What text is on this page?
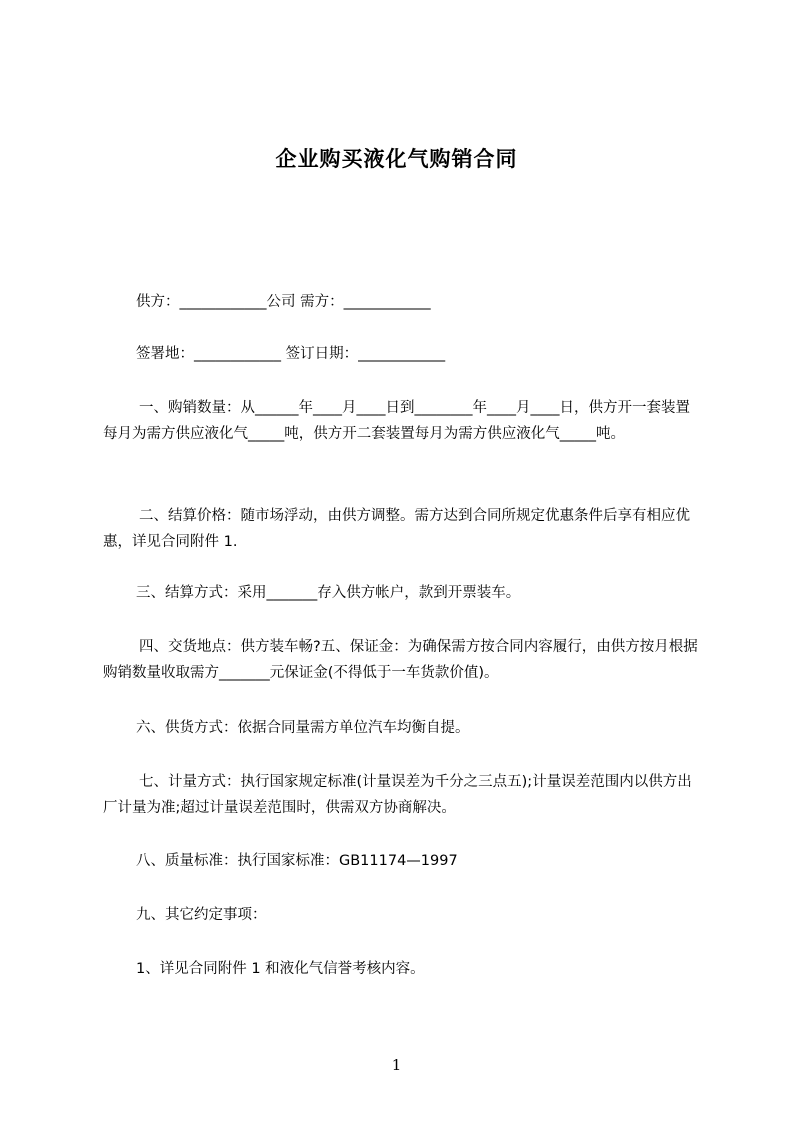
企业购买液化气购销合同

供方：____________公司 需方：____________

签署地：____________ 签订日期：____________

一、购销数量：从______年____月____日到________年____月____日，供方开一套装置每月为需方供应液化气_____吨，供方开二套装置每月为需方供应液化气_____吨。

二、结算价格：随市场浮动，由供方调整。需方达到合同所规定优惠条件后享有相应优惠，详见合同附件 1.

三、结算方式：采用_______存入供方帐户，款到开票装车。

四、交货地点：供方装车畅?五、保证金：为确保需方按合同内容履行，由供方按月根据购销数量收取需方_______元保证金(不得低于一车货款价值)。

六、供货方式：依据合同量需方单位汽车均衡自提。

七、计量方式：执行国家规定标准(计量误差为千分之三点五);计量误差范围内以供方出厂计量为准;超过计量误差范围时，供需双方协商解决。

八、质量标准：执行国家标准：GB11174—1997

九、其它约定事项：

1、详见合同附件 1 和液化气信誉考核内容。

1
